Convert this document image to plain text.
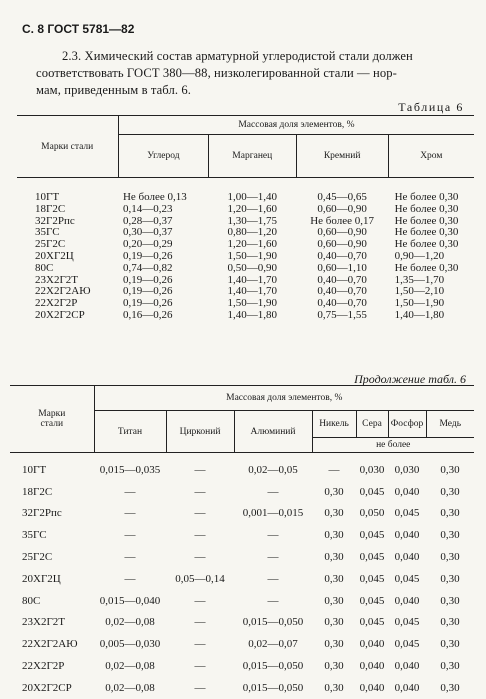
С. 8 ГОСТ 5781—82
2.3. Химический состав арматурной углеродистой стали должен
соответствовать ГОСТ 380—88, низколегированной стали — нор-
мам, приведенным в табл. 6.
Таблица 6
Марки стали	Массовая доля элементов, %			
	Углерод	Марганец	Кремний	Хром

10ГТ	Не более 0,13	1,00—1,40	0,45—0,65	Не более 0,30
18Г2С	0,14—0,23	1,20—1,60	0,60—0,90	Не более 0,30
32Г2Рпс	0,28—0,37	1,30—1,75	Не более 0,17	Не более 0,30
35ГС	0,30—0,37	0,80—1,20	0,60—0,90	Не более 0,30
25Г2С	0,20—0,29	1,20—1,60	0,60—0,90	Не более 0,30
20ХГ2Ц	0,19—0,26	1,50—1,90	0,40—0,70	0,90—1,20
80С	0,74—0,82	0,50—0,90	0,60—1,10	Не более 0,30
23Х2Г2Т	0,19—0,26	1,40—1,70	0,40—0,70	1,35—1,70
22Х2Г2АЮ	0,19—0,26	1,40—1,70	0,40—0,70	1,50—2,10
22Х2Г2Р	0,19—0,26	1,50—1,90	0,40—0,70	1,50—1,90
20Х2Г2СР	0,16—0,26	1,40—1,80	0,75—1,55	1,40—1,80
Продолжение табл. 6
Марки стали	Массовая доля элементов, %						
	Титан	Цирконий	Алюминий	Никель	Сера	Фосфор	Медь
				не более			

10ГТ	0,015—0,035	—	0,02—0,05	—	0,030	0,030	0,30
18Г2С	—	—	—	0,30	0,045	0,040	0,30
32Г2Рпс	—	—	0,001—0,015	0,30	0,050	0,045	0,30
35ГС	—	—	—	0,30	0,045	0,040	0,30
25Г2С	—	—	—	0,30	0,045	0,040	0,30
20ХГ2Ц	—	0,05—0,14	—	0,30	0,045	0,045	0,30
80С	0,015—0,040	—	—	0,30	0,045	0,040	0,30
23Х2Г2Т	0,02—0,08	—	0,015—0,050	0,30	0,045	0,045	0,30
22Х2Г2АЮ	0,005—0,030	—	0,02—0,07	0,30	0,040	0,045	0,30
22Х2Г2Р	0,02—0,08	—	0,015—0,050	0,30	0,040	0,040	0,30
20Х2Г2СР	0,02—0,08	—	0,015—0,050	0,30	0,040	0,040	0,30
